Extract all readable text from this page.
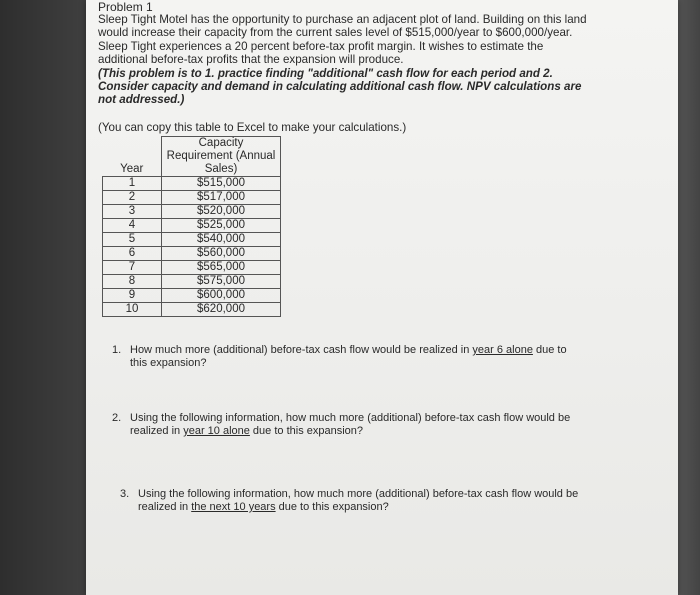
Problem 1
Sleep Tight Motel has the opportunity to purchase an adjacent plot of land. Building on this land
would increase their capacity from the current sales level of $515,000/year to $600,000/year.
Sleep Tight experiences a 20 percent before-tax profit margin. It wishes to estimate the
additional before-tax profits that the expansion will produce.
(This problem is to 1. practice finding "additional" cash flow for each period and 2.
Consider capacity and demand in calculating additional cash flow. NPV calculations are
not addressed.)
(You can copy this table to Excel to make your calculations.)
Year	Capacity
Requirement (Annual
Sales)

1	$515,000
2	$517,000
3	$520,000
4	$525,000
5	$540,000
6	$560,000
7	$565,000
8	$575,000
9	$600,000
10	$620,000
1. How much more (additional) before-tax cash flow would be realized in year 6 alone due to
this expansion?
2. Using the following information, how much more (additional) before-tax cash flow would be
realized in year 10 alone due to this expansion?
3. Using the following information, how much more (additional) before-tax cash flow would be
realized in the next 10 years due to this expansion?
